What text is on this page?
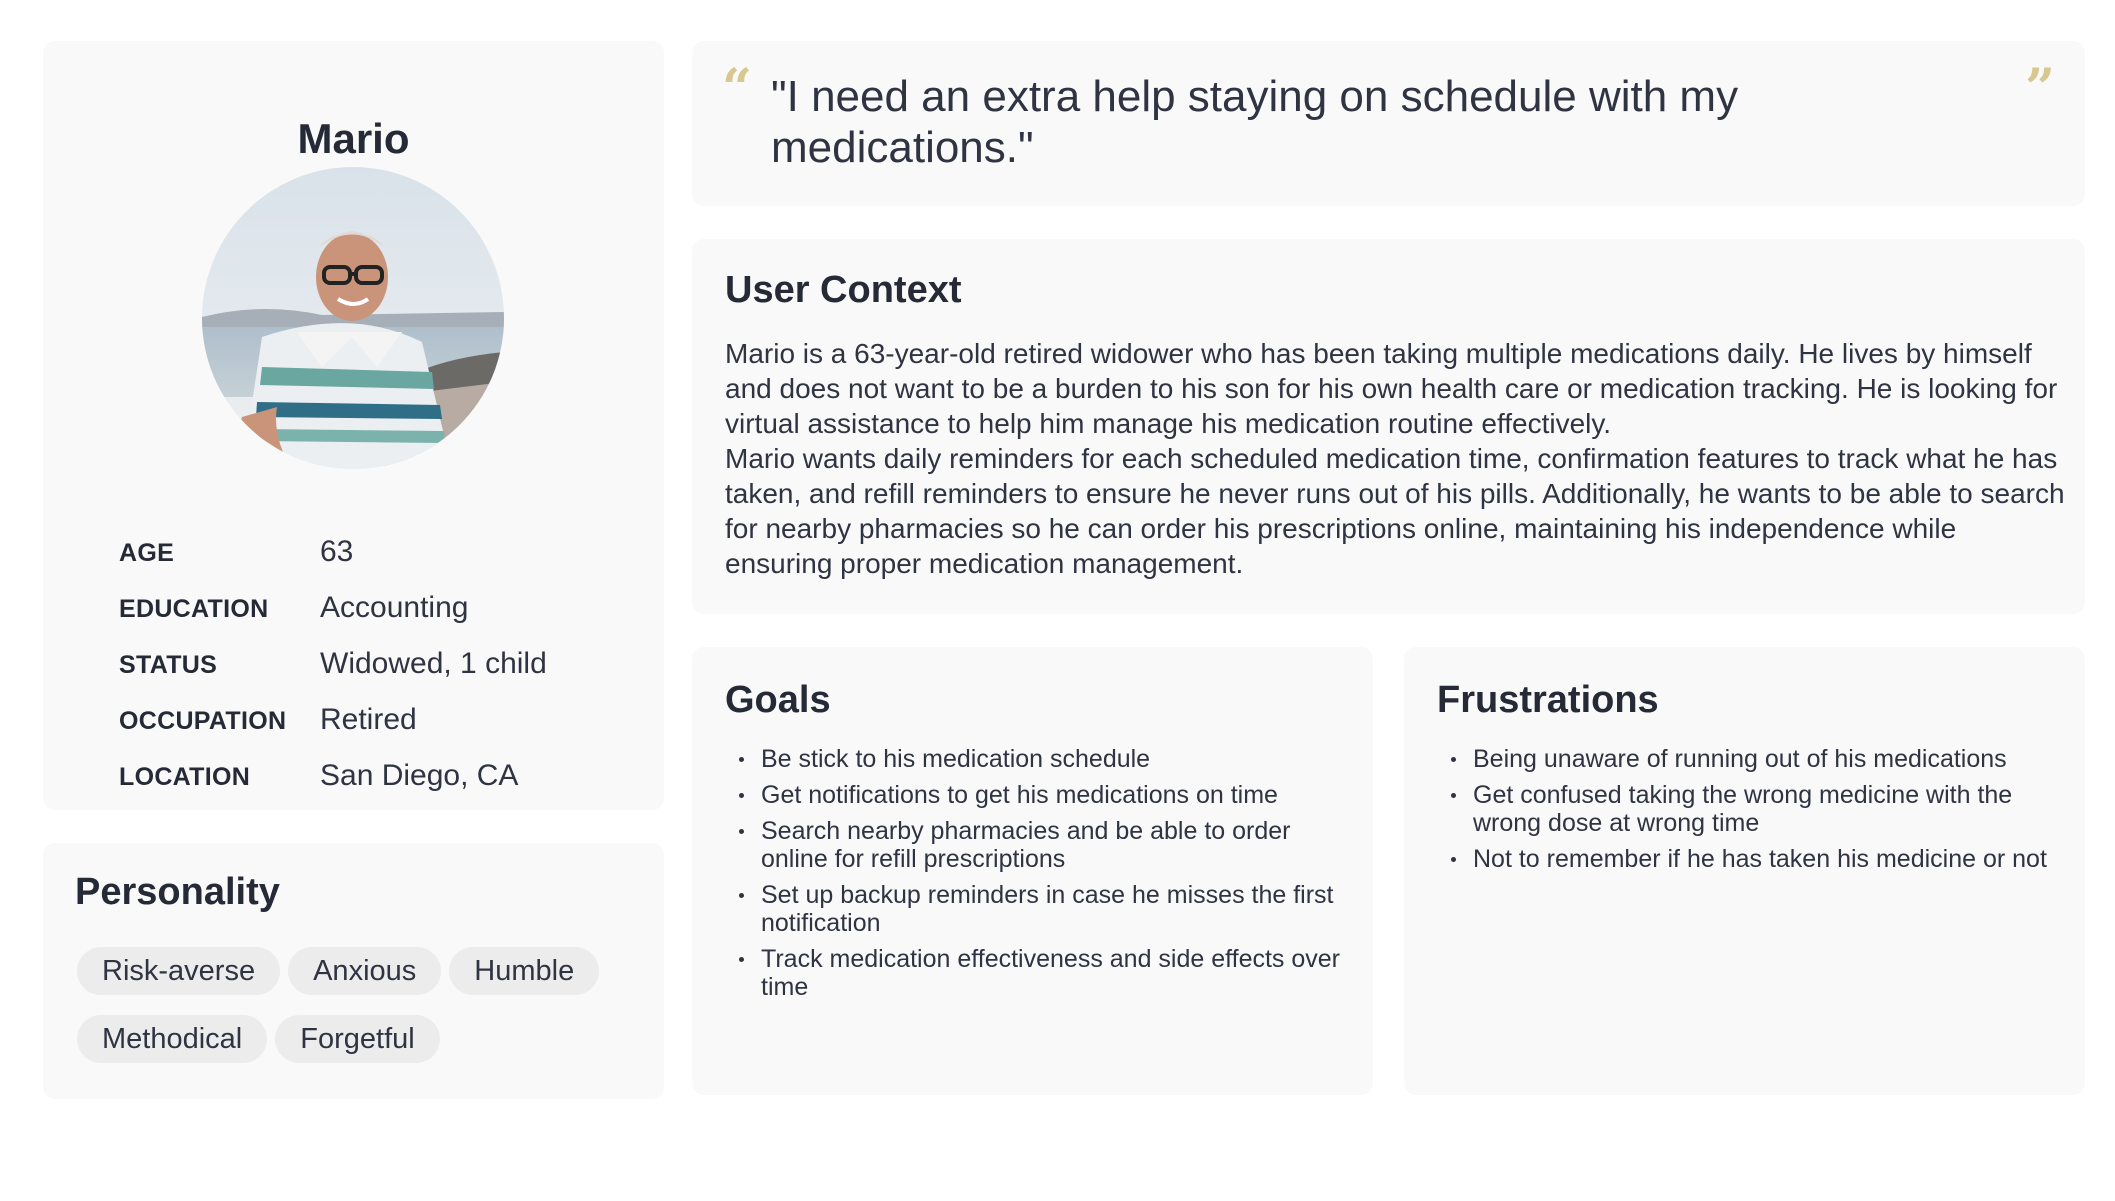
Mario
AGE	63
EDUCATION Accounting
STATUS	Widowed, 1 child
OCCUPATION Retired
LOCATION San Diego, CA
Personality
Risk-averse Anxious Humble
Methodical Forgetful
“ "I need an extra help staying on schedule with my medications."

”
User Context

Mario is a 63-year-old retired widower who has been taking multiple medications daily. He lives by himself and does not want to be a burden to his son for his own health care or medication tracking. He is looking for virtual assistance to help him manage his medication routine effectively.

Mario wants daily reminders for each scheduled medication time, confirmation features to track what he has taken, and refill reminders to ensure he never runs out of his pills. Additionally, he wants to be able to search for nearby pharmacies so he can order his prescriptions online, maintaining his independence while ensuring proper medication management.

Goals
Be stick to his medication schedule
Get notifications to get his medications on time
Search nearby pharmacies and be able to order online for refill prescriptions
Set up backup reminders in case he misses the first notification
Track medication effectiveness and side effects over time
Frustrations
Being unaware of running out of his medications
Get confused taking the wrong medicine with the wrong dose at wrong time
Not to remember if he has taken his medicine or not
